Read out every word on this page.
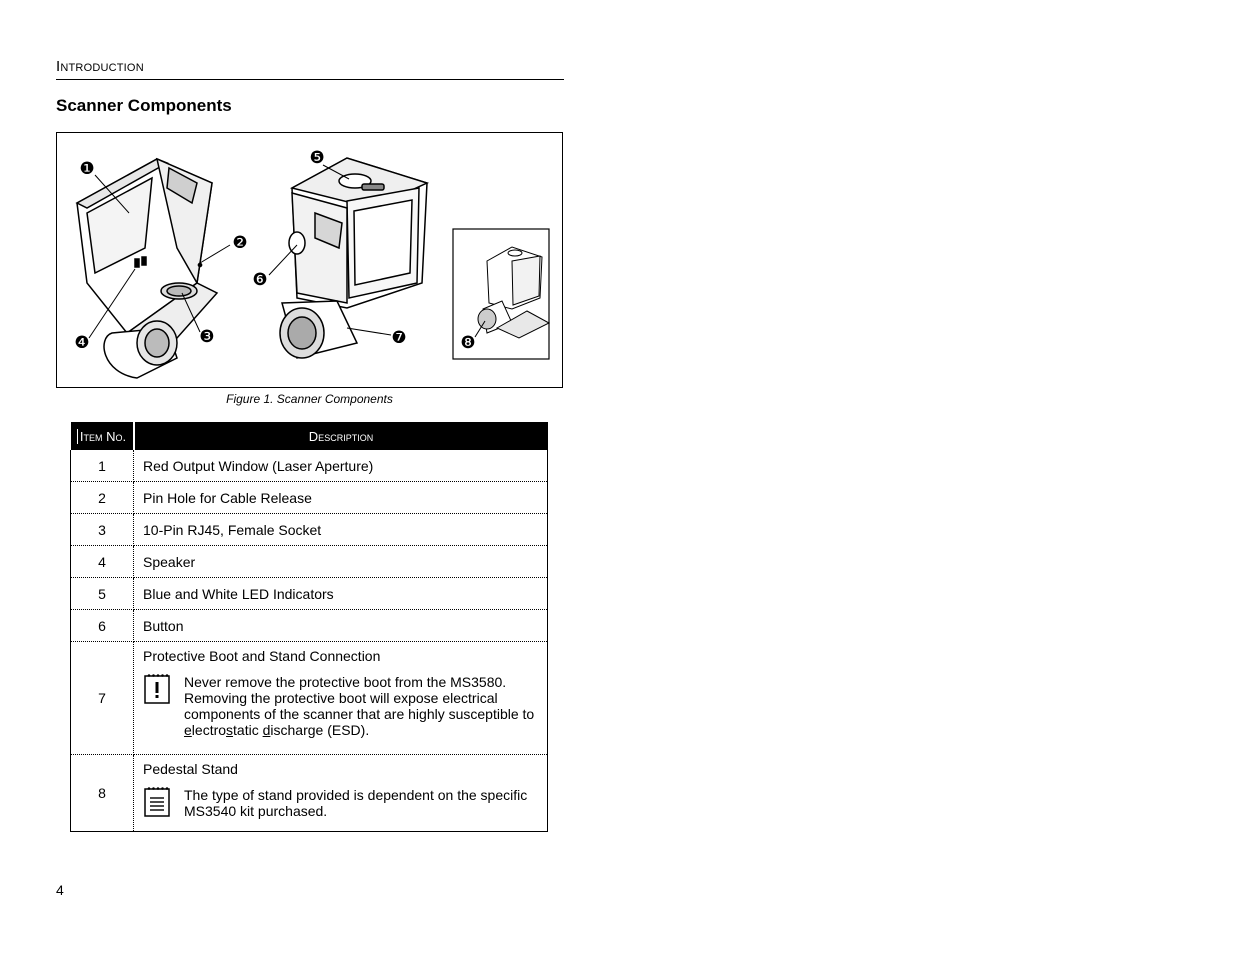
Introduction
Scanner Components
❶
❷
❸
❹
❺
❻
❼	❽
Figure 1. Scanner Components
Item No.	Description
1	Red Output Window (Laser Aperture)
2	Pin Hole for Cable Release
3	10-Pin RJ45, Female Socket
4	Speaker
5	Blue and White LED Indicators
6	Button
7	Protective Boot and Stand Connection
Never remove the protective boot from the MS3580.
Removing the protective boot will expose electrical
components of the scanner that are highly susceptible to
electrostatic discharge (ESD).

8	Pedestal Stand
The type of stand provided is dependent on the specific
MS3540 kit purchased.
4
